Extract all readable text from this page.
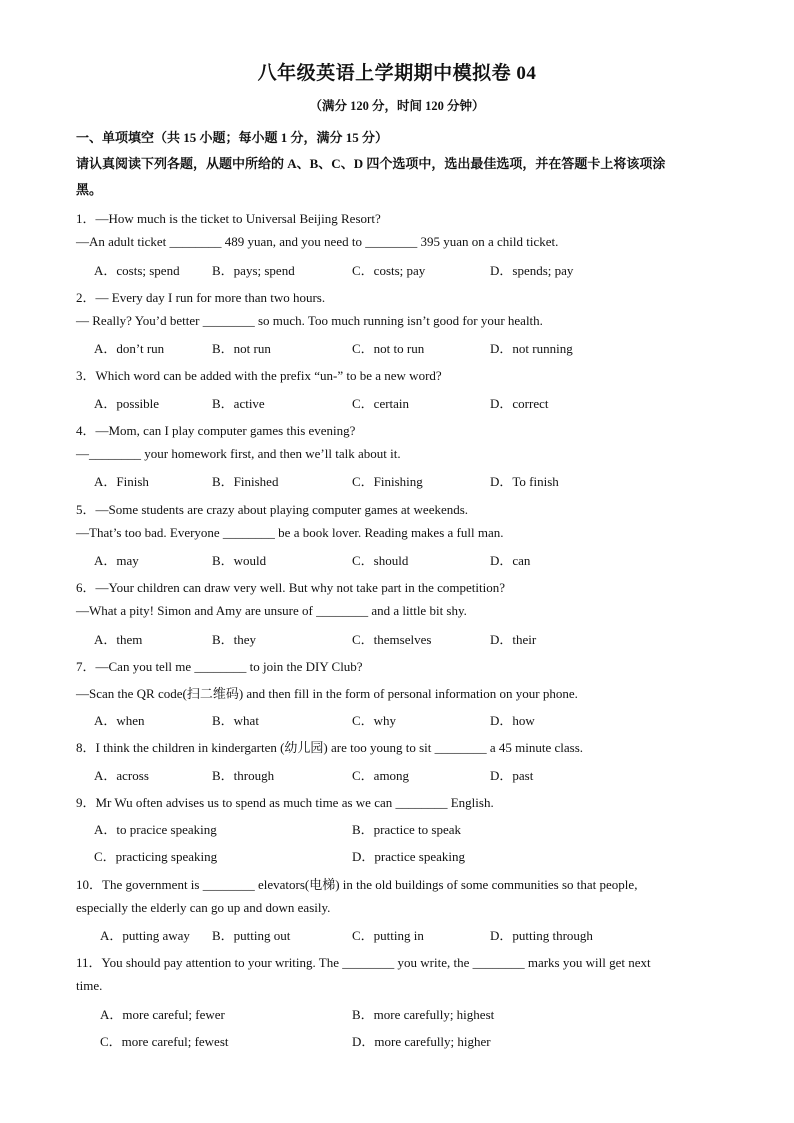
八年级英语上学期期中模拟卷 04
（满分 120 分，时间 120 分钟）
一、单项填空（共 15 小题；每小题 1 分，满分 15 分）
请认真阅读下列各题，从题中所给的 A、B、C、D 四个选项中，选出最佳选项，并在答题卡上将该项涂
黑。
1．—How much is the ticket to Universal Beijing Resort?
—An adult ticket ________ 489 yuan, and you need to ________ 395 yuan on a child ticket.
A．costs; spend B．pays; spend	C．costs; pay	D．spends; pay
2．— Every day I run for more than two hours.
— Really? You’d better ________ so much. Too much running isn’t good for your health.
A．don’t run	B．not run	C．not to run	D．not running
3．Which word can be added with the prefix “un-” to be a new word?
A．possible	B．active	C．certain	D．correct
4．—Mom, can I play computer games this evening?
—________ your homework first, and then we’ll talk about it.
A．Finish	B．Finished	C．Finishing	D．To finish
5．—Some students are crazy about playing computer games at weekends.
—That’s too bad. Everyone ________ be a book lover. Reading makes a full man.
A．may	B．would	C．should	D．can
6．—Your children can draw very well. But why not take part in the competition?
—What a pity! Simon and Amy are unsure of ________ and a little bit shy.
A．them	B．they	C．themselves	D．their
7．—Can you tell me ________ to join the DIY Club?
—Scan the QR code(扫二维码) and then fill in the form of personal information on your phone.
A．when	B．what	C．why	D．how
8．I think the children in kindergarten (幼儿园) are too young to sit ________ a 45 minute class.
A．across	B．through	C．among	D．past
9．Mr Wu often advises us to spend as much time as we can ________ English.
A．to pracice speaking	B．practice to speak
C．practicing speaking	D．practice speaking
10．The government is ________ elevators(电梯) in the old buildings of some communities so that people,
especially the elderly can go up and down easily.
A．putting away B．putting out	C．putting in	D．putting through
11．You should pay attention to your writing. The ________ you write, the ________ marks you will get next
time.
A．more careful; fewer	B．more carefully; highest
C．more careful; fewest	D．more carefully; higher
